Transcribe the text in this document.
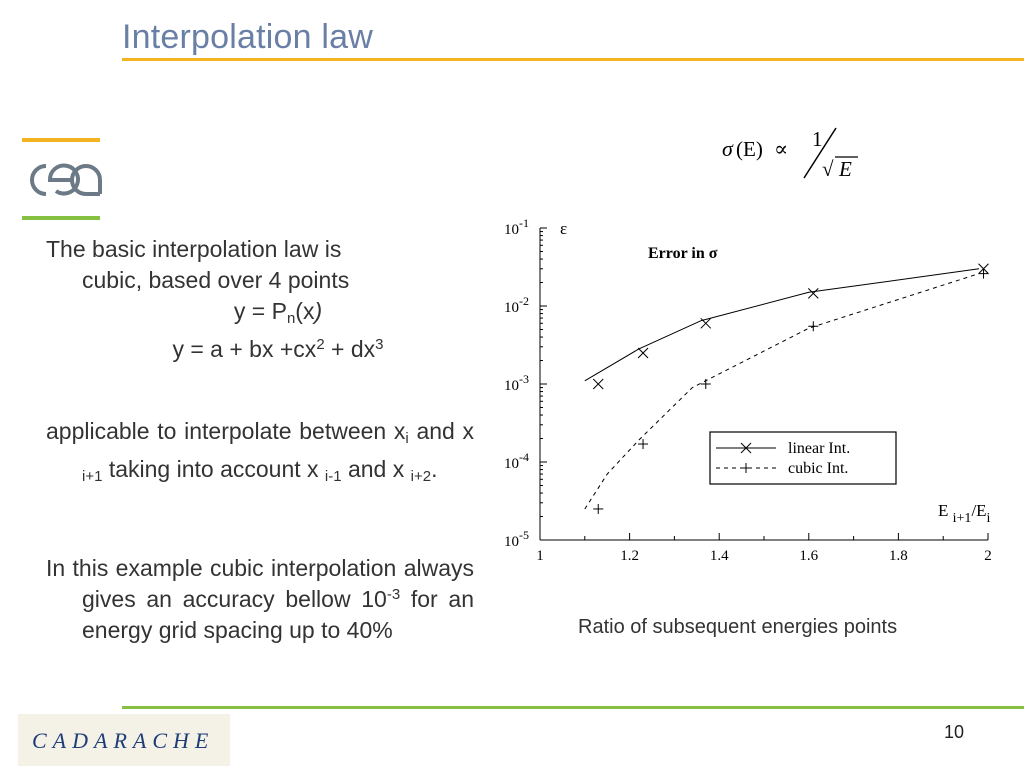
Interpolation law
The basic interpolation law is
cubic, based over 4 points
$y = P_n(x)$
y = a + bx $+cx^2 + dx^3$
applicable to interpolate between $x_i$ and x $_{i+1}$ taking into account x $_{i-1}$ and x $_{i+2}$.
In this example cubic interpolation always gives an accuracy bellow $10^{-3}$ for an energy grid spacing up to 40%
σ (E) ∝ 1
√ E
$10^{-1}$
$10^{-2}$
$10^{-3}$
$10^{-4}$
$10^{-5}$
1	1.2	1.4	1.6	1.8	2
ε
Error in σ
E $_{i+1}/E_i$
linear Int.
cubic Int.
Ratio of subsequent energies points
CADARACHE	10
